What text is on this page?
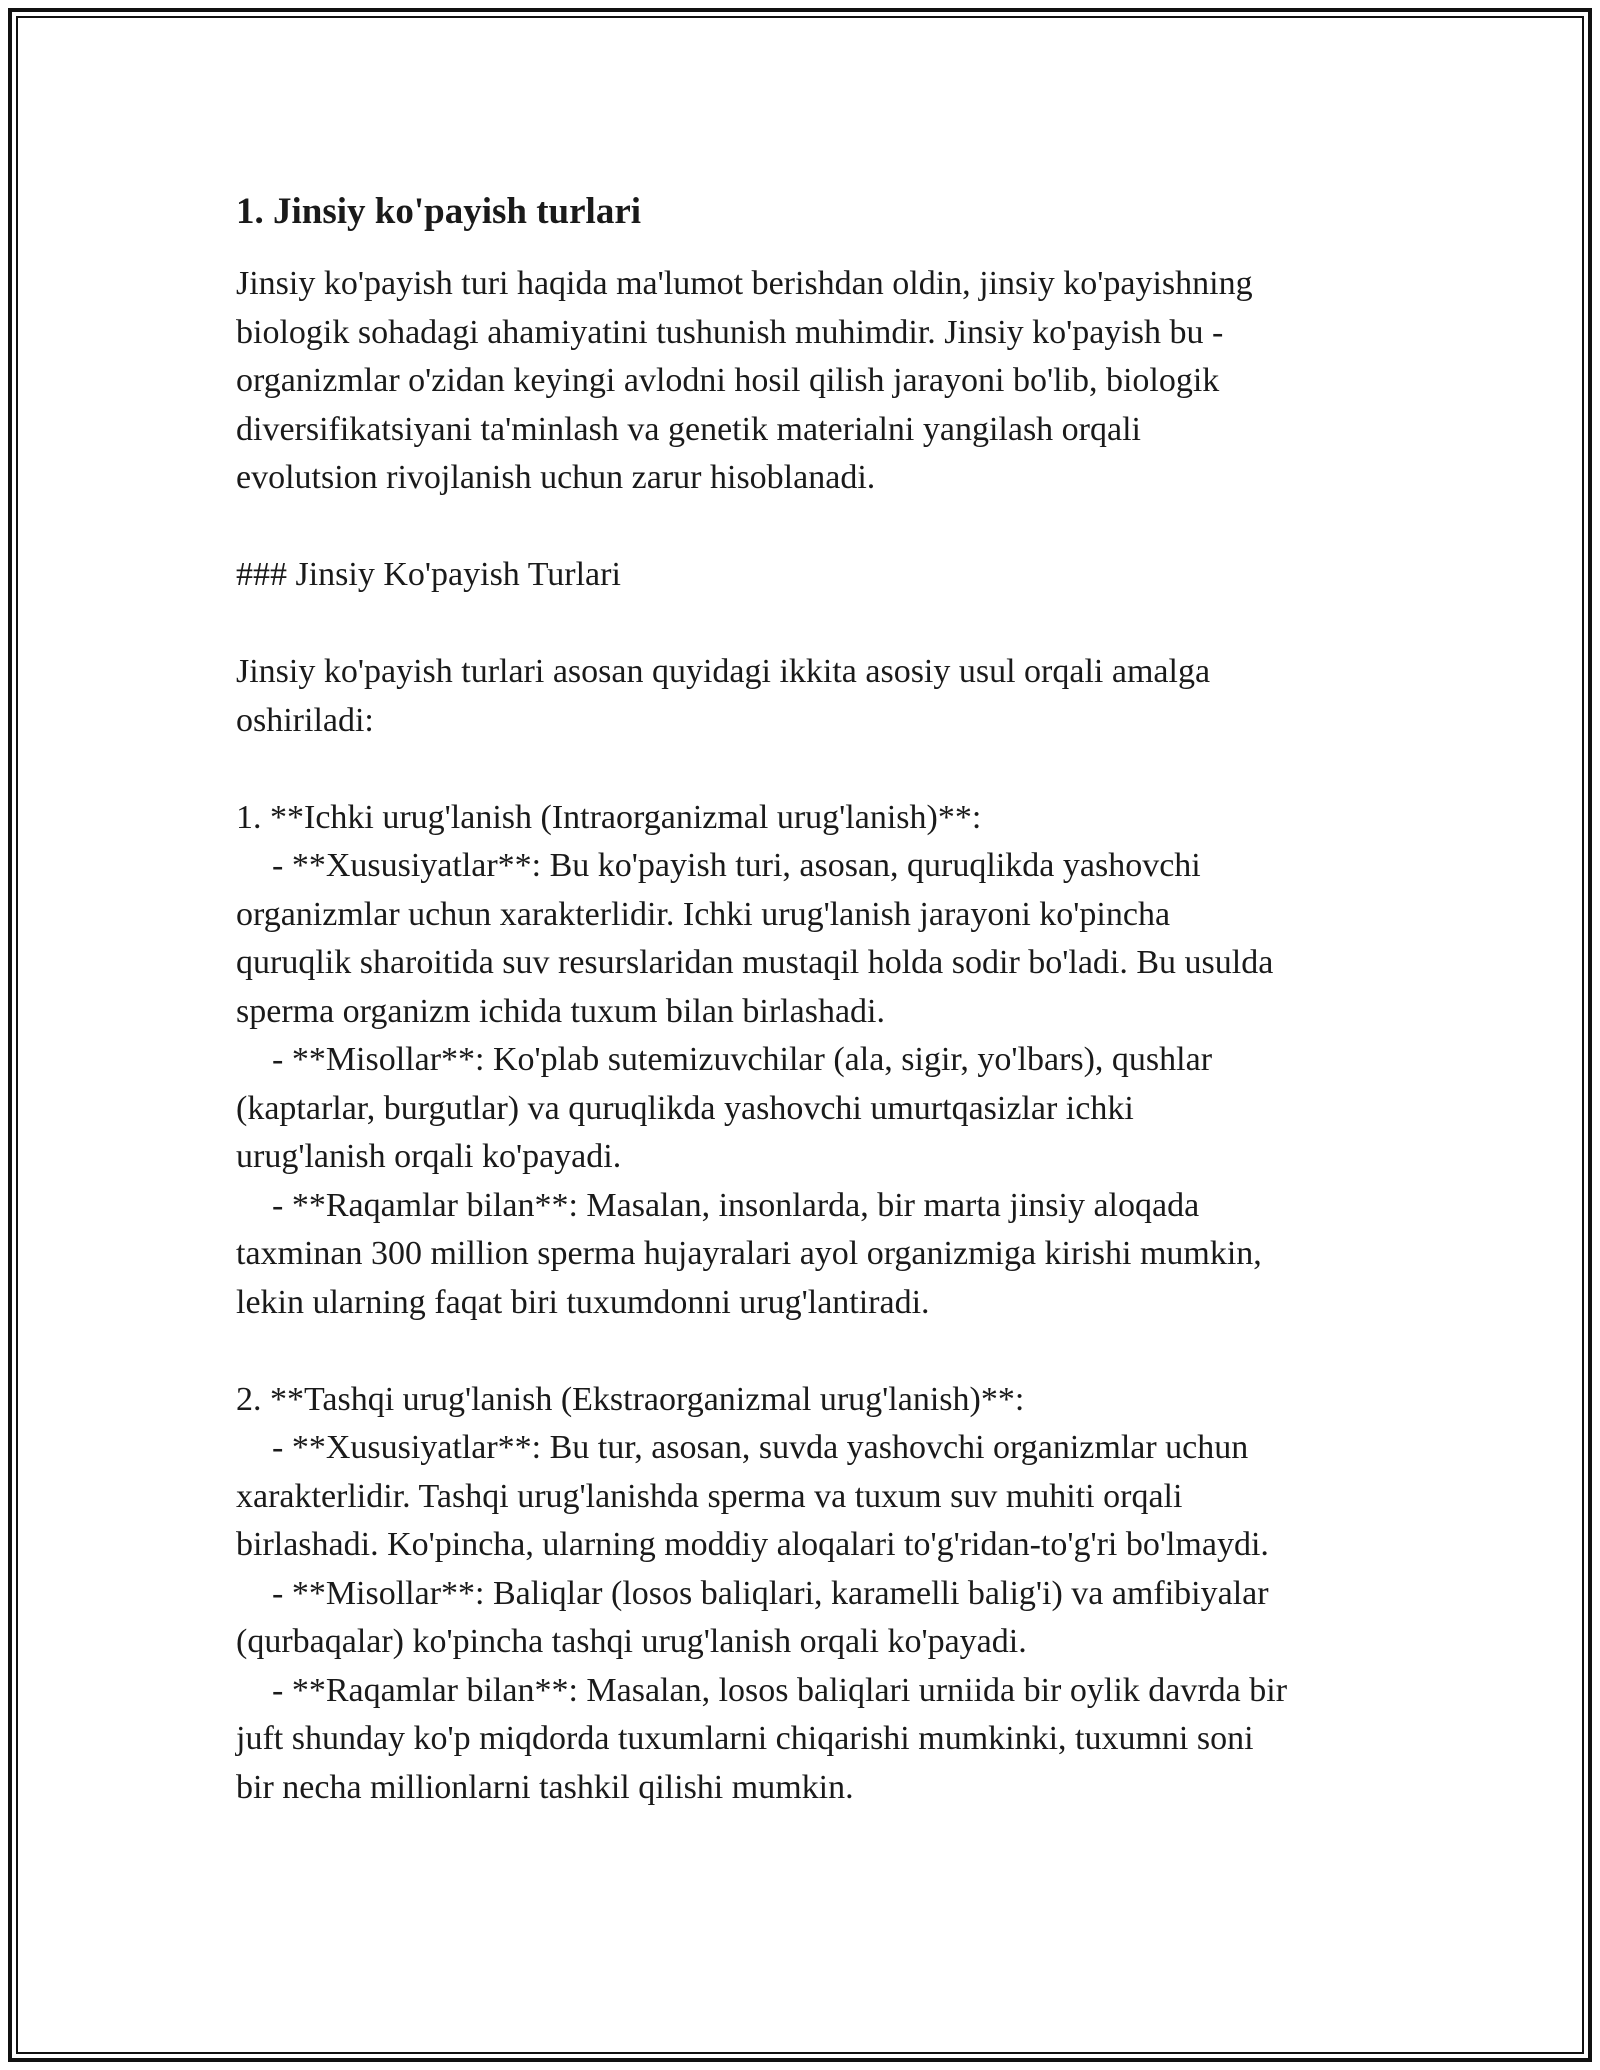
1. Jinsiy ko'payish turlari
Jinsiy ko'payish turi haqida ma'lumot berishdan oldin, jinsiy ko'payishning
biologik sohadagi ahamiyatini tushunish muhimdir. Jinsiy ko'payish bu -
organizmlar o'zidan keyingi avlodni hosil qilish jarayoni bo'lib, biologik
diversifikatsiyani ta'minlash va genetik materialni yangilash orqali
evolutsion rivojlanish uchun zarur hisoblanadi.
### Jinsiy Ko'payish Turlari
Jinsiy ko'payish turlari asosan quyidagi ikkita asosiy usul orqali amalga
oshiriladi:
1. **Ichki urug'lanish (Intraorganizmal urug'lanish)**:
- **Xususiyatlar**: Bu ko'payish turi, asosan, quruqlikda yashovchi
organizmlar uchun xarakterlidir. Ichki urug'lanish jarayoni ko'pincha
quruqlik sharoitida suv resurslaridan mustaqil holda sodir bo'ladi. Bu usulda
sperma organizm ichida tuxum bilan birlashadi.
- **Misollar**: Ko'plab sutemizuvchilar (ala, sigir, yo'lbars), qushlar
(kaptarlar, burgutlar) va quruqlikda yashovchi umurtqasizlar ichki
urug'lanish orqali ko'payadi.
- **Raqamlar bilan**: Masalan, insonlarda, bir marta jinsiy aloqada
taxminan 300 million sperma hujayralari ayol organizmiga kirishi mumkin,
lekin ularning faqat biri tuxumdonni urug'lantiradi.
2. **Tashqi urug'lanish (Ekstraorganizmal urug'lanish)**:
- **Xususiyatlar**: Bu tur, asosan, suvda yashovchi organizmlar uchun
xarakterlidir. Tashqi urug'lanishda sperma va tuxum suv muhiti orqali
birlashadi. Ko'pincha, ularning moddiy aloqalari to'g'ridan-to'g'ri bo'lmaydi.
- **Misollar**: Baliqlar (losos baliqlari, karamelli balig'i) va amfibiyalar
(qurbaqalar) ko'pincha tashqi urug'lanish orqali ko'payadi.
- **Raqamlar bilan**: Masalan, losos baliqlari urniida bir oylik davrda bir
juft shunday ko'p miqdorda tuxumlarni chiqarishi mumkinki, tuxumni soni
bir necha millionlarni tashkil qilishi mumkin.
